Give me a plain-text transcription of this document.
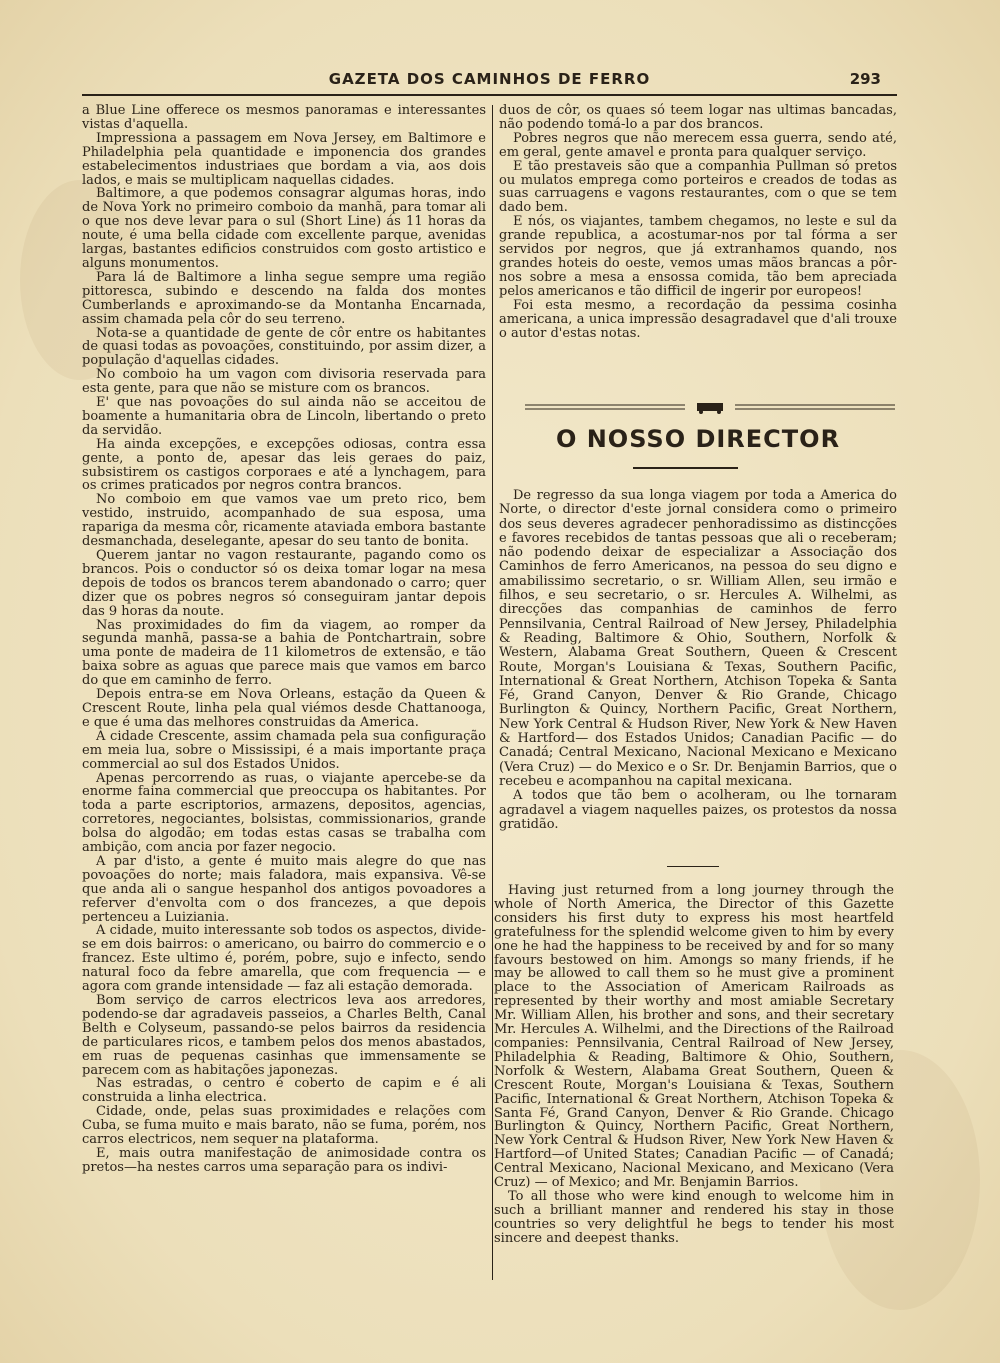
GAZETA DOS CAMINHOS DE FERRO	293

a Blue Line offerece os mesmos panoramas e interessantes vistas d'aquella.

Impressiona a passagem em Nova Jersey, em Baltimore e Philadelphia pela quantidade e imponencia dos grandes estabelecimentos industriaes que bordam a via, aos dois lados, e mais se multiplicam naquellas cidades.

Baltimore, a que podemos consagrar algumas horas, indo de Nova York no primeiro comboio da manhã, para tomar ali o que nos deve levar para o sul (Short Line) ás 11 horas da noute, é uma bella cidade com excellente parque, avenidas largas, bastantes edificios construidos com gosto artistico e alguns monumentos.

Para lá de Baltimore a linha segue sempre uma região pittoresca, subindo e descendo na falda dos montes Cumberlands e aproximando-se da Montanha Encarnada, assim chamada pela côr do seu terreno.

Nota-se a quantidade de gente de côr entre os habitantes de quasi todas as povoações, constituindo, por assim dizer, a população d'aquellas cidades.

No comboio ha um vagon com divisoria reservada para esta gente, para que não se misture com os brancos.

E' que nas povoações do sul ainda não se acceitou de boamente a humanitaria obra de Lincoln, libertando o preto da servidão.

Ha ainda excepções, e excepções odiosas, contra essa gente, a ponto de, apesar das leis geraes do paiz, subsistirem os castigos corporaes e até a lynchagem, para os crimes praticados por negros contra brancos.

No comboio em que vamos vae um preto rico, bem vestido, instruido, acompanhado de sua esposa, uma rapariga da mesma côr, ricamente ataviada embora bastante desmanchada, deselegante, apesar do seu tanto de bonita.

Querem jantar no vagon restaurante, pagando como os brancos. Pois o conductor só os deixa tomar logar na mesa depois de todos os brancos terem abandonado o carro; quer dizer que os pobres negros só conseguiram jantar depois das 9 horas da noute.

Nas proximidades do fim da viagem, ao romper da segunda manhã, passa-se a bahia de Pontchartrain, sobre uma ponte de madeira de 11 kilometros de extensão, e tão baixa sobre as aguas que parece mais que vamos em barco do que em caminho de ferro.

Depois entra-se em Nova Orleans, estação da Queen & Crescent Route, linha pela qual viémos desde Chattanooga, e que é uma das melhores construidas da America.

A cidade Crescente, assim chamada pela sua configuração em meia lua, sobre o Mississipi, é a mais importante praça commercial ao sul dos Estados Unidos.

Apenas percorrendo as ruas, o viajante apercebe-se da enorme faina commercial que preoccupa os habitantes. Por toda a parte escriptorios, armazens, depositos, agencias, corretores, negociantes, bolsistas, commissionarios, grande bolsa do algodão; em todas estas casas se trabalha com ambição, com ancia por fazer negocio.

A par d'isto, a gente é muito mais alegre do que nas povoações do norte; mais faladora, mais expansiva. Vê-se que anda ali o sangue hespanhol dos antigos povoadores a referver d'envolta com o dos francezes, a que depois pertenceu a Luiziania.

A cidade, muito interessante sob todos os aspectos, divide-se em dois bairros: o americano, ou bairro do commercio e o francez. Este ultimo é, porém, pobre, sujo e infecto, sendo natural foco da febre amarella, que com frequencia — e agora com grande intensidade — faz ali estação demorada.

Bom serviço de carros electricos leva aos arredores, podendo-se dar agradaveis passeios, a Charles Belth, Canal Belth e Colyseum, passando-se pelos bairros da residencia de particulares ricos, e tambem pelos dos menos abastados, em ruas de pequenas casinhas que immensamente se parecem com as habitações japonezas.

Nas estradas, o centro é coberto de capim e é ali construida a linha electrica.

Cidade, onde, pelas suas proximidades e relações com Cuba, se fuma muito e mais barato, não se fuma, porém, nos carros electricos, nem sequer na plataforma.

E, mais outra manifestação de animosidade contra os pretos—ha nestes carros uma separação para os indivi-

duos de côr, os quaes só teem logar nas ultimas bancadas, não podendo tomá-lo a par dos brancos.

Pobres negros que não merecem essa guerra, sendo até, em geral, gente amavel e pronta para qualquer serviço.

E tão prestaveis são que a companhia Pullman só pretos ou mulatos emprega como porteiros e creados de todas as suas carruagens e vagons restaurantes, com o que se tem dado bem.

E nós, os viajantes, tambem chegamos, no leste e sul da grande republica, a acostumar-nos por tal fórma a ser servidos por negros, que já extranhamos quando, nos grandes hoteis do oeste, vemos umas mãos brancas a pôr-nos sobre a mesa a ensossa comida, tão bem apreciada pelos americanos e tão difficil de ingerir por europeos!

Foi esta mesmo, a recordação da pessima cosinha americana, a unica impressão desagradavel que d'ali trouxe o autor d'estas notas.

O NOSSO DIRECTOR

De regresso da sua longa viagem por toda a America do Norte, o director d'este jornal considera como o primeiro dos seus deveres agradecer penhoradissimo as distincções e favores recebidos de tantas pessoas que ali o receberam; não podendo deixar de especializar a Associação dos Caminhos de ferro Americanos, na pessoa do seu digno e amabilissimo secretario, o sr. William Allen, seu irmão e filhos, e seu secretario, o sr. Hercules A. Wilhelmi, as direcções das companhias de caminhos de ferro Pennsilvania, Central Railroad of New Jersey, Philadelphia & Reading, Baltimore & Ohio, Southern, Norfolk & Western, Alabama Great Southern, Queen & Crescent Route, Morgan's Louisiana & Texas, Southern Pacific, International & Great Northern, Atchison Topeka & Santa Fé, Grand Canyon, Denver & Rio Grande, Chicago Burlington & Quincy, Northern Pacific, Great Northern, New York Central & Hudson River, New York & New Haven & Hartford— dos Estados Unidos; Canadian Pacific — do Canadá; Central Mexicano, Nacional Mexicano e Mexicano (Vera Cruz) — do Mexico e o Sr. Dr. Benjamin Barrios, que o recebeu e acompanhou na capital mexicana.

A todos que tão bem o acolheram, ou lhe tornaram agradavel a viagem naquelles paizes, os protestos da nossa gratidão.

Having just returned from a long journey through the whole of North America, the Director of this Gazette considers his first duty to express his most heartfeld gratefulness for the splendid welcome given to him by every one he had the happiness to be received by and for so many favours bestowed on him. Amongs so many friends, if he may be allowed to call them so he must give a prominent place to the Association of Americam Railroads as represented by their worthy and most amiable Secretary Mr. William Allen, his brother and sons, and their secretary Mr. Hercules A. Wilhelmi, and the Directions of the Railroad companies: Pennsilvania, Central Railroad of New Jersey, Philadelphia & Reading, Baltimore & Ohio, Southern, Norfolk & Western, Alabama Great Southern, Queen & Crescent Route, Morgan's Louisiana & Texas, Southern Pacific, International & Great Northern, Atchison Topeka & Santa Fé, Grand Canyon, Denver & Rio Grande. Chicago Burlington & Quincy, Northern Pacific, Great Northern, New York Central & Hudson River, New York New Haven & Hartford—of United States; Canadian Pacific — of Canadá; Central Mexicano, Nacional Mexicano, and Mexicano (Vera Cruz) — of Mexico; and Mr. Benjamin Barrios.

To all those who were kind enough to welcome him in such a brilliant manner and rendered his stay in those countries so very delightful he begs to tender his most sincere and deepest thanks.
